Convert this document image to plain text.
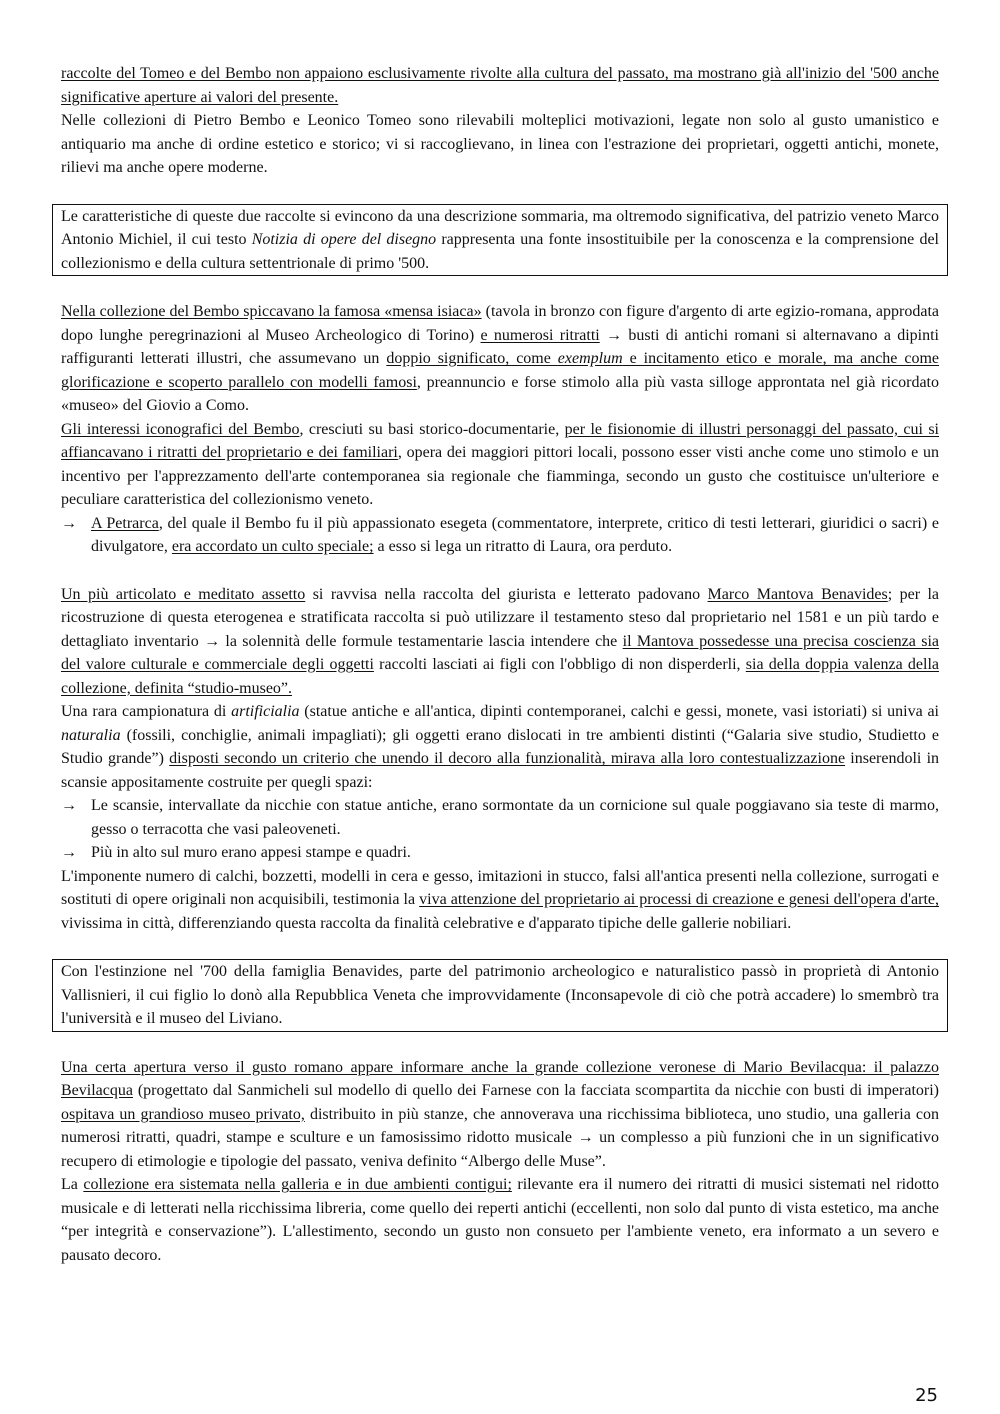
raccolte del Tomeo e del Bembo non appaiono esclusivamente rivolte alla cultura del passato, ma mostrano già all'inizio del '500 anche significative aperture ai valori del presente.

Nelle collezioni di Pietro Bembo e Leonico Tomeo sono rilevabili molteplici motivazioni, legate non solo al gusto umanistico e antiquario ma anche di ordine estetico e storico; vi si raccoglievano, in linea con l'estrazione dei proprietari, oggetti antichi, monete, rilievi ma anche opere moderne.

Le caratteristiche di queste due raccolte si evincono da una descrizione sommaria, ma oltremodo significativa, del patrizio veneto Marco Antonio Michiel, il cui testo Notizia di opere del disegno rappresenta una fonte insostituibile per la conoscenza e la comprensione del collezionismo e della cultura settentrionale di primo '500.

Nella collezione del Bembo spiccavano la famosa «mensa isiaca» (tavola in bronzo con figure d'argento di arte egizio-romana, approdata dopo lunghe peregrinazioni al Museo Archeologico di Torino) e numerosi ritratti → busti di antichi romani si alternavano a dipinti raffiguranti letterati illustri, che assumevano un doppio significato, come exemplum e incitamento etico e morale, ma anche come glorificazione e scoperto parallelo con modelli famosi, preannuncio e forse stimolo alla più vasta silloge approntata nel già ricordato «museo» del Giovio a Como.

Gli interessi iconografici del Bembo, cresciuti su basi storico-documentarie, per le fisionomie di illustri personaggi del passato, cui si affiancavano i ritratti del proprietario e dei familiari, opera dei maggiori pittori locali, possono esser visti anche come uno stimolo e un incentivo per l'apprezzamento dell'arte contemporanea sia regionale che fiamminga, secondo un gusto che costituisce un'ulteriore e peculiare caratteristica del collezionismo veneto.

→ A Petrarca, del quale il Bembo fu il più appassionato esegeta (commentatore, interprete, critico di testi letterari, giuridici o sacri) e divulgatore, era accordato un culto speciale; a esso si lega un ritratto di Laura, ora perduto.

Un più articolato e meditato assetto si ravvisa nella raccolta del giurista e letterato padovano Marco Mantova Benavides; per la ricostruzione di questa eterogenea e stratificata raccolta si può utilizzare il testamento steso dal proprietario nel 1581 e un più tardo e dettagliato inventario → la solennità delle formule testamentarie lascia intendere che il Mantova possedesse una precisa coscienza sia del valore culturale e commerciale degli oggetti raccolti lasciati ai figli con l'obbligo di non disperderli, sia della doppia valenza della collezione, definita “studio-museo”.

Una rara campionatura di artificialia (statue antiche e all'antica, dipinti contemporanei, calchi e gessi, monete, vasi istoriati) si univa ai naturalia (fossili, conchiglie, animali impagliati); gli oggetti erano dislocati in tre ambienti distinti (“Galaria sive studio, Studietto e Studio grande”) disposti secondo un criterio che unendo il decoro alla funzionalità, mirava alla loro contestualizzazione inserendoli in scansie appositamente costruite per quegli spazi:

→ Le scansie, intervallate da nicchie con statue antiche, erano sormontate da un cornicione sul quale poggiavano sia teste di marmo, gesso o terracotta che vasi paleoveneti.
→ Più in alto sul muro erano appesi stampe e quadri.

L'imponente numero di calchi, bozzetti, modelli in cera e gesso, imitazioni in stucco, falsi all'antica presenti nella collezione, surrogati e sostituti di opere originali non acquisibili, testimonia la viva attenzione del proprietario ai processi di creazione e genesi dell'opera d'arte, vivissima in città, differenziando questa raccolta da finalità celebrative e d'apparato tipiche delle gallerie nobiliari.

Con l'estinzione nel '700 della famiglia Benavides, parte del patrimonio archeologico e naturalistico passò in proprietà di Antonio Vallisnieri, il cui figlio lo donò alla Repubblica Veneta che improvvidamente (Inconsapevole di ciò che potrà accadere) lo smembrò tra l'università e il museo del Liviano.

Una certa apertura verso il gusto romano appare informare anche la grande collezione veronese di Mario Bevilacqua: il palazzo Bevilacqua (progettato dal Sanmicheli sul modello di quello dei Farnese con la facciata scompartita da nicchie con busti di imperatori) ospitava un grandioso museo privato, distribuito in più stanze, che annoverava una ricchissima biblioteca, uno studio, una galleria con numerosi ritratti, quadri, stampe e sculture e un famosissimo ridotto musicale → un complesso a più funzioni che in un significativo recupero di etimologie e tipologie del passato, veniva definito “Albergo delle Muse”.

La collezione era sistemata nella galleria e in due ambienti contigui; rilevante era il numero dei ritratti di musici sistemati nel ridotto musicale e di letterati nella ricchissima libreria, come quello dei reperti antichi (eccellenti, non solo dal punto di vista estetico, ma anche “per integrità e conservazione”). L'allestimento, secondo un gusto non consueto per l'ambiente veneto, era informato a un severo e pausato decoro.

25
